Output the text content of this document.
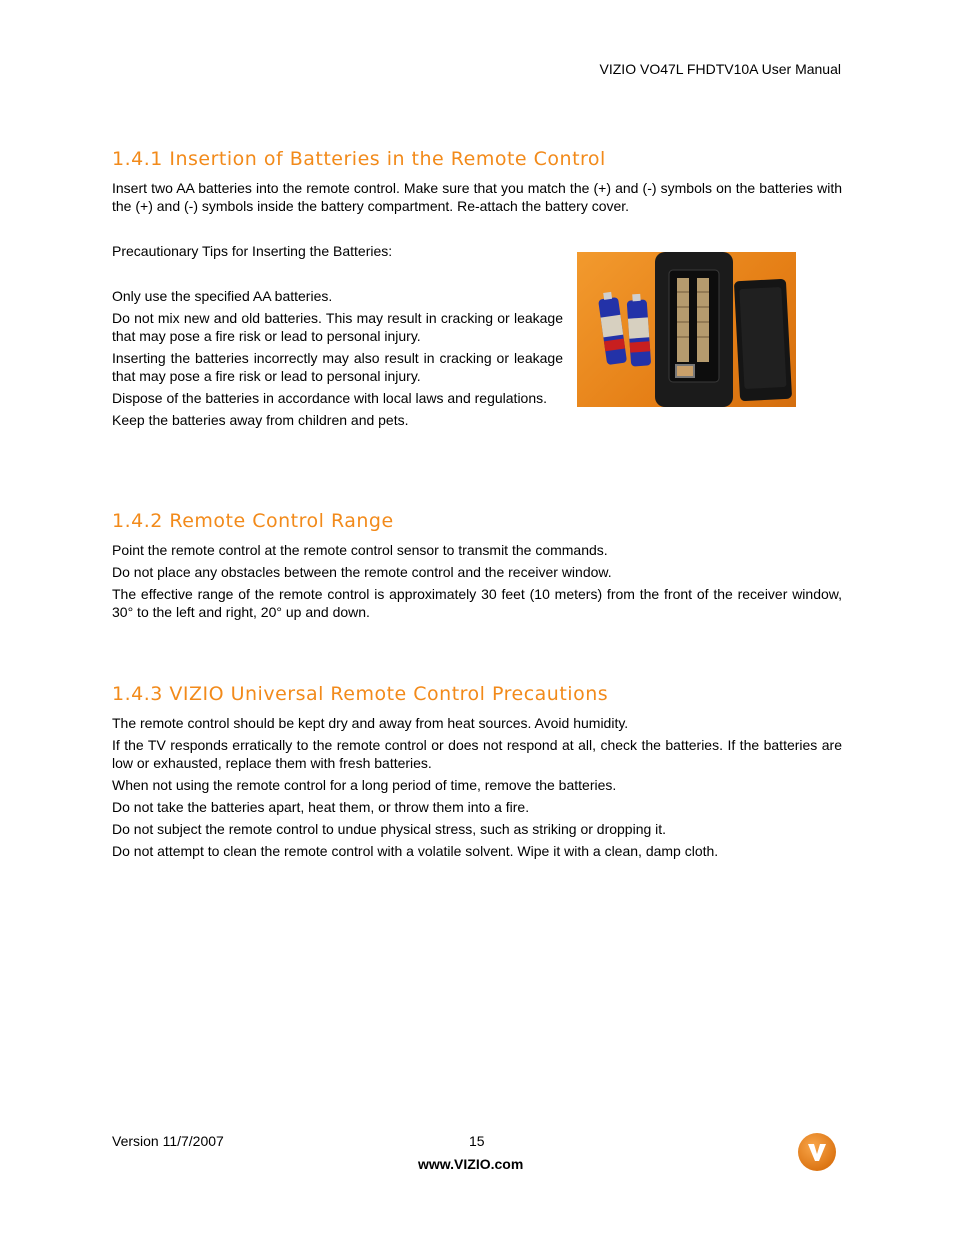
VIZIO VO47L FHDTV10A User Manual
1.4.1 Insertion of Batteries in the Remote Control

Insert two AA batteries into the remote control. Make sure that you match the (+) and (-) symbols on the batteries with the (+) and (-) symbols inside the battery compartment. Re-attach the battery cover.

Precautionary Tips for Inserting the Batteries:

Only use the specified AA batteries.

Do not mix new and old batteries. This may result in cracking or leakage that may pose a fire risk or lead to personal injury.

Inserting the batteries incorrectly may also result in cracking or leakage that may pose a fire risk or lead to personal injury.

Dispose of the batteries in accordance with local laws and regulations.

Keep the batteries away from children and pets.

1.4.2 Remote Control Range

Point the remote control at the remote control sensor to transmit the commands.

Do not place any obstacles between the remote control and the receiver window.

The effective range of the remote control is approximately 30 feet (10 meters) from the front of the receiver window, 30° to the left and right, 20° up and down.

1.4.3 VIZIO Universal Remote Control Precautions

The remote control should be kept dry and away from heat sources. Avoid humidity.

If the TV responds erratically to the remote control or does not respond at all, check the batteries. If the batteries are low or exhausted, replace them with fresh batteries.

When not using the remote control for a long period of time, remove the batteries.

Do not take the batteries apart, heat them, or throw them into a fire.

Do not subject the remote control to undue physical stress, such as striking or dropping it.

Do not attempt to clean the remote control with a volatile solvent. Wipe it with a clean, damp cloth.

Version 11/7/2007	15
www.VIZIO.com
